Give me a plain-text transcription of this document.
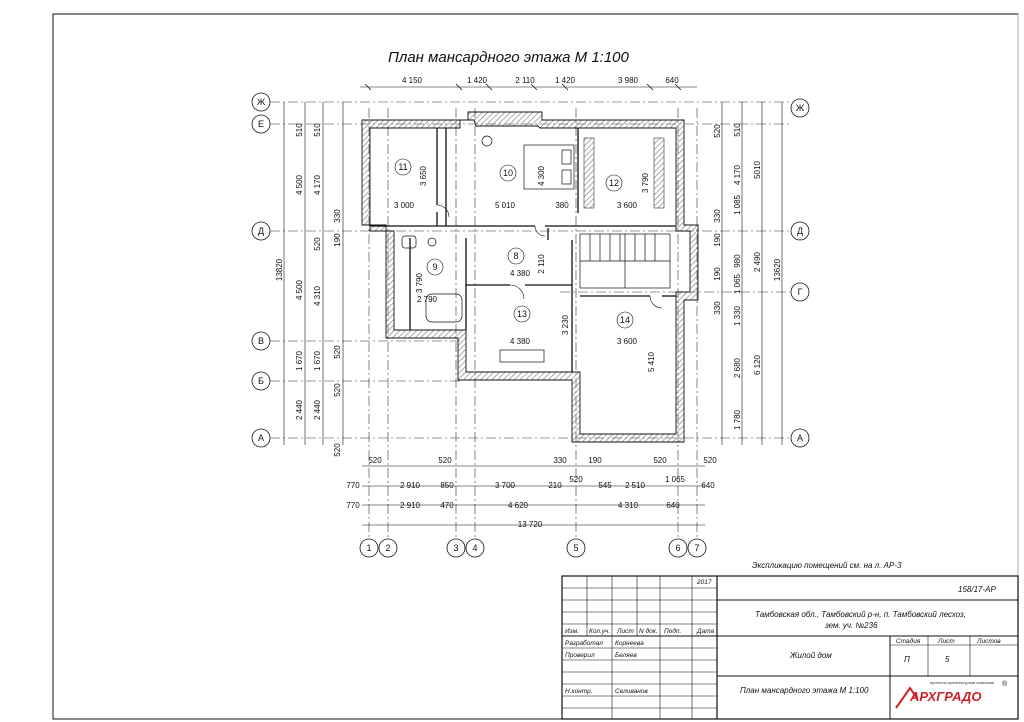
План мансардного этажа М 1:100
Ж
Е
Д
В
Б
А
Ж
Д
Г
А
1 2	3 4	5	6 7
11
10
12
8
9
13
14
3 000	5 010	380	3 600
3 650	4 300	3 790
2 110
4 380
3 790
2 790
4 380
3 230
3 600
5 410
4 150	1 420	2 110	1 420	3 980	640
13820
510
4 500
4 500
1 670
2 440
510
4 170
520
4 310
1 670
2 440
330
190
520
520
520
520
1 085
330
190
980
190 1 065
330 1 330
2 680
1 780
510
4 170
2 490
6 120
5010
13620
520	520	330	190	520	520
770	2 910	850	3 700	210
520
545 2 510
1 065
640
770	2 910	470	4 620	4 310	640
13 720
Экспликацию помещений см. на л. АР-3
2017
Изм. Кол.уч. Лист N док. Подп. Дата
Разработал Корнеева
Проверил	Беляев
Н.контр.	Селиванов
158/17-АР
Тамбовская обл., Тамбовский р-н, п. Тамбовский лесхоз,
зем. уч. №236
Жилой дом
Стадия	Лист	Листов
П	5
План мансардного этажа М 1:100
проектно-архитектурная компания
АРХГРАДО
®
